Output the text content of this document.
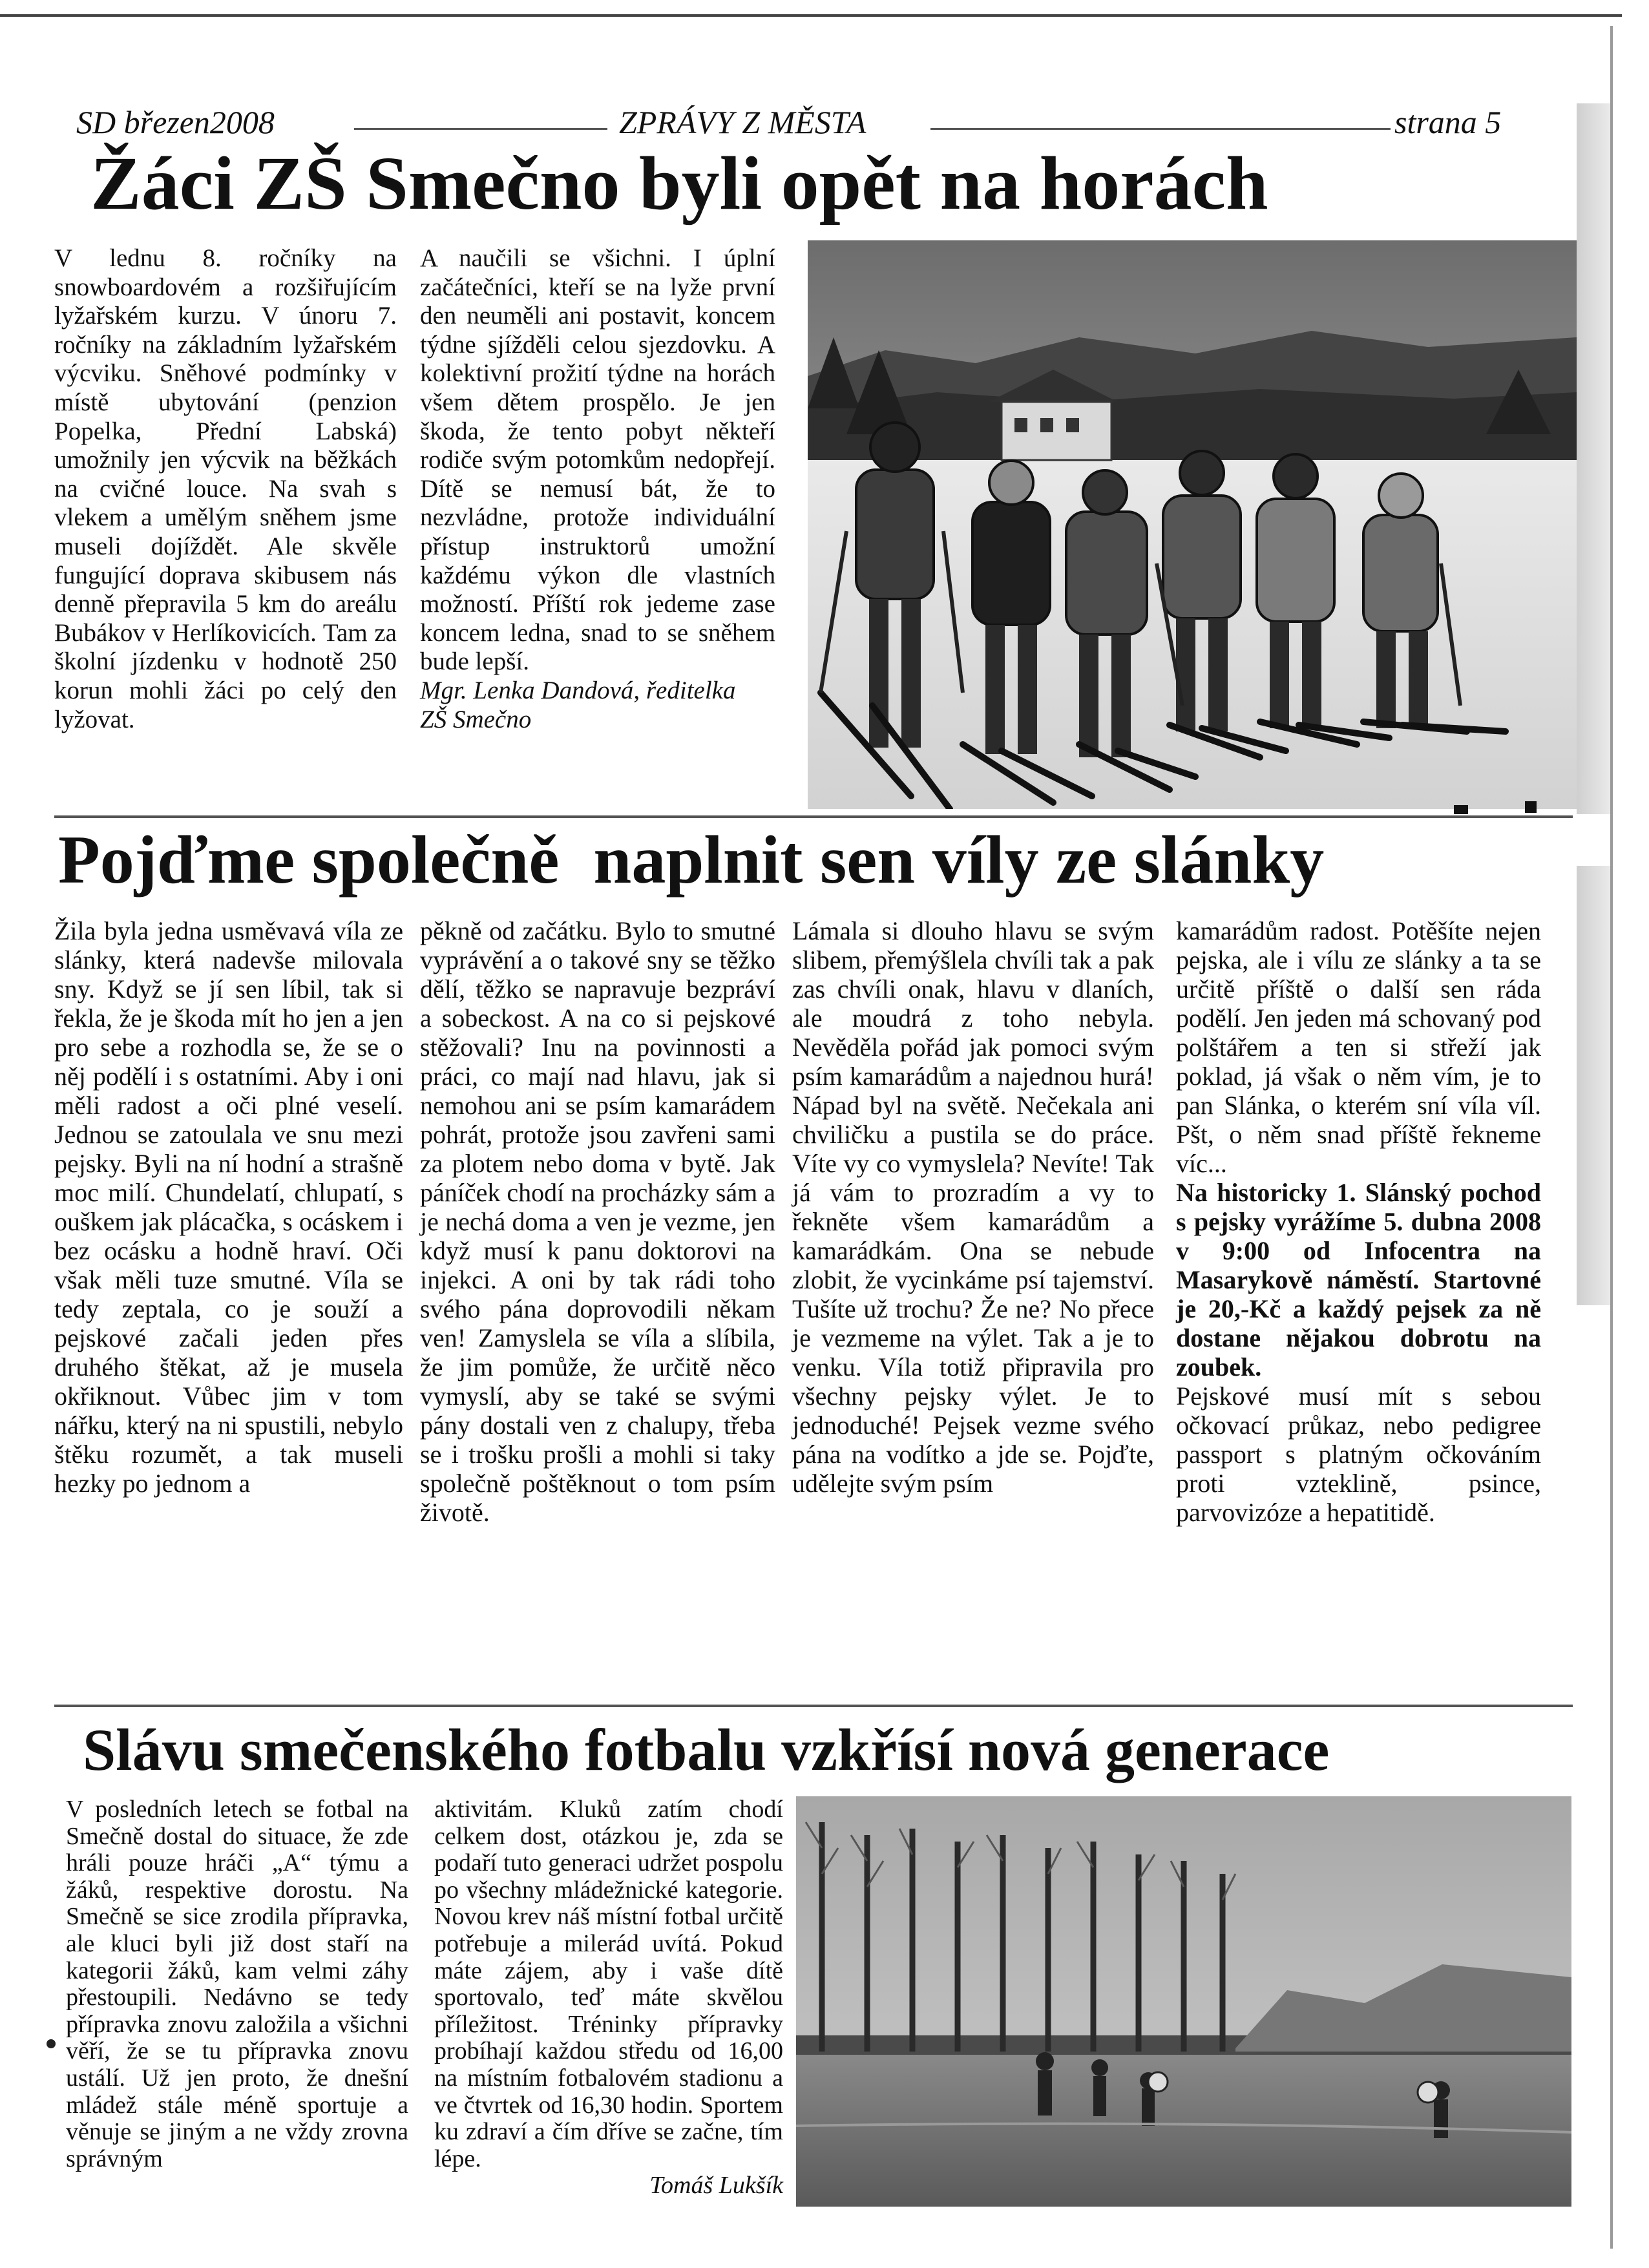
SD březen2008	ZPRÁVY Z MĚSTA	strana 5
Žáci ZŠ Smečno byli opět na horách

V lednu 8. ročníky na snowboardovém a rozšiřujícím lyžařském kurzu. V únoru 7. ročníky na základním lyžařském výcviku. Sněhové podmínky v místě ubytování (penzion Popelka, Přední Labská) umožnily jen výcvik na běžkách na cvičné louce. Na svah s vlekem a umělým sněhem jsme museli dojíždět. Ale skvěle fungující doprava skibusem nás denně přepravila 5 km do areálu Bubákov v Herlíkovicích. Tam za školní jízdenku v hodnotě 250 korun mohli žáci po celý den lyžovat.

A naučili se všichni. I úplní začátečníci, kteří se na lyže první den neuměli ani postavit, koncem týdne sjížděli celou sjezdovku. A kolektivní prožití týdne na horách všem dětem prospělo. Je jen škoda, že tento pobyt někteří rodiče svým potomkům nedopřejí. Dítě se nemusí bát, že to nezvládne, protože individuální přístup instruktorů umožní každému výkon dle vlastních možností. Příští rok jedeme zase koncem ledna, snad to se sněhem bude lepší.

Mgr. Lenka Dandová, ředitelka

ZŠ Smečno

Pojďme společně  naplnit sen víly ze slánky

Žila byla jedna usměvavá víla ze slánky, která nadevše milovala sny. Když se jí sen líbil, tak si řekla, že je škoda mít ho jen a jen pro sebe a rozhodla se, že se o něj podělí i s ostatními. Aby i oni měli radost a oči plné veselí. Jednou se zatoulala ve snu mezi pejsky. Byli na ní hodní a strašně moc milí. Chundelatí, chlupatí, s ouškem jak plácačka, s ocáskem i bez ocásku a hodně hraví. Oči však měli tuze smutné. Víla se tedy zeptala, co je souží a pejskové začali jeden přes druhého štěkat, až je musela okřiknout. Vůbec jim v tom nářku, který na ni spustili, nebylo štěku rozumět, a tak museli hezky po jednom a

pěkně od začátku. Bylo to smutné vyprávění a o takové sny se těžko dělí, těžko se napravuje bezpráví a sobeckost. A na co si pejskové stěžovali? Inu na povinnosti a práci, co mají nad hlavu, jak si nemohou ani se psím kamarádem pohrát, protože jsou zavřeni sami za plotem nebo doma v bytě. Jak páníček chodí na procházky sám a je nechá doma a ven je vezme, jen když musí k panu doktorovi na injekci. A oni by tak rádi toho svého pána doprovodili někam ven! Zamyslela se víla a slíbila, že jim pomůže, že určitě něco vymyslí, aby se také se svými pány dostali ven z chalupy, třeba se i trošku prošli a mohli si taky společně poštěknout o tom psím životě.

Lámala si dlouho hlavu se svým slibem, přemýšlela chvíli tak a pak zas chvíli onak, hlavu v dlaních, ale moudrá z toho nebyla. Nevěděla pořád jak pomoci svým psím kamarádům a najednou hurá! Nápad byl na světě. Nečekala ani chviličku a pustila se do práce. Víte vy co vymyslela? Nevíte! Tak já vám to prozradím a vy to řekněte všem kamarádům a kamarádkám. Ona se nebude zlobit, že vycinkáme psí tajemství. Tušíte už trochu? Že ne? No přece je vezmeme na výlet. Tak a je to venku. Víla totiž připravila pro všechny pejsky výlet. Je to jednoduché! Pejsek vezme svého pána na vodítko a jde se. Pojďte, udělejte svým psím

kamarádům radost. Potěšíte nejen pejska, ale i vílu ze slánky a ta se určitě příště o další sen ráda podělí. Jen jeden má schovaný pod polštářem a ten si střeží jak poklad, já však o něm vím, je to pan Slánka, o kterém sní víla víl. Pšt, o něm snad příště řekneme víc...

Na historicky 1. Slánský pochod s pejsky vyrážíme 5. dubna 2008 v 9:00 od Infocentra na Masarykově náměstí. Startovné je 20,-Kč a každý pejsek za ně dostane nějakou dobrotu na zoubek.

Pejskové musí mít s sebou očkovací průkaz, nebo pedigree passport s platným očkováním proti vzteklině, psince, parvovizóze a hepatitidě.

Slávu smečenského fotbalu vzkřísí nová generace

V posledních letech se fotbal na Smečně dostal do situace, že zde hráli pouze hráči „A“ týmu a žáků, respektive dorostu. Na Smečně se sice zrodila přípravka, ale kluci byli již dost staří na kategorii žáků, kam velmi záhy přestoupili. Nedávno se tedy přípravka znovu založila a všichni věří, že se tu přípravka znovu ustálí. Už jen proto, že dnešní mládež stále méně sportuje a věnuje se jiným a ne vždy zrovna správným

aktivitám. Kluků zatím chodí celkem dost, otázkou je, zda se podaří tuto generaci udržet pospolu po všechny mládežnické kategorie. Novou krev náš místní fotbal určitě potřebuje a milerád uvítá. Pokud máte zájem, aby i vaše dítě sportovalo, teď máte skvělou příležitost. Tréninky přípravky probíhají každou středu od 16,00 na místním fotbalovém stadionu a ve čtvrtek od 16,30 hodin. Sportem ku zdraví a čím dříve se začne, tím lépe.

Tomáš Lukšík
